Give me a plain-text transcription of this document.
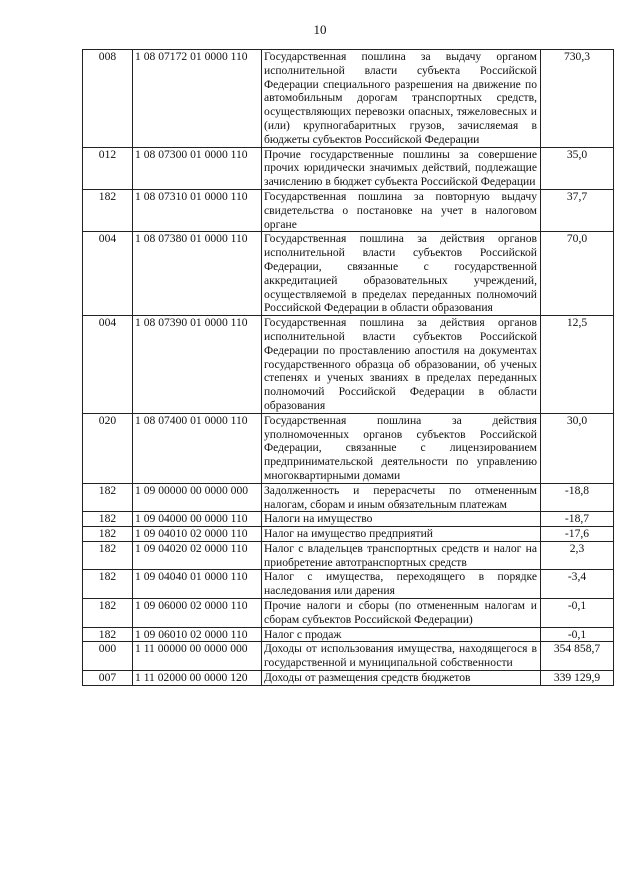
10
008	1 08 07172 01 0000 110	Государственная пошлина за выдачу органом исполнительной власти субъекта Российской Федерации специального разрешения на движение по автомобильным дорогам транспортных средств, осуществляющих перевозки опасных, тяжеловесных и (или) крупногабаритных грузов, зачисляемая в бюджеты субъектов Российской Федерации	730,3
012	1 08 07300 01 0000 110	Прочие государственные пошлины за совершение прочих юридически значимых действий, подлежащие зачислению в бюджет субъекта Российской Федерации	35,0
182	1 08 07310 01 0000 110	Государственная пошлина за повторную выдачу свидетельства о постановке на учет в налоговом органе	37,7
004	1 08 07380 01 0000 110	Государственная пошлина за действия органов исполнительной власти субъектов Российской Федерации, связанные с государственной аккредитацией образовательных учреждений, осуществляемой в пределах переданных полномочий Российской Федерации в области образования	70,0
004	1 08 07390 01 0000 110	Государственная пошлина за действия органов исполнительной власти субъектов Российской Федерации по проставлению апостиля на документах государственного образца об образовании, об ученых степенях и ученых званиях в пределах переданных полномочий Российской Федерации в области образования	12,5
020	1 08 07400 01 0000 110	Государственная пошлина за действия уполномоченных органов субъектов Российской Федерации, связанные с лицензированием предпринимательской деятельности по управлению многоквартирными домами	30,0
182	1 09 00000 00 0000 000	Задолженность и перерасчеты по отмененным налогам, сборам и иным обязательным платежам	-18,8
182	1 09 04000 00 0000 110	Налоги на имущество	-18,7
182	1 09 04010 02 0000 110	Налог на имущество предприятий	-17,6
182	1 09 04020 02 0000 110	Налог с владельцев транспортных средств и налог на приобретение автотранспортных средств	2,3
182	1 09 04040 01 0000 110	Налог с имущества, переходящего в порядке наследования или дарения	-3,4
182	1 09 06000 02 0000 110	Прочие налоги и сборы (по отмененным налогам и сборам субъектов Российской Федерации)	-0,1
182	1 09 06010 02 0000 110	Налог с продаж	-0,1
000	1 11 00000 00 0000 000	Доходы от использования имущества, находящегося в государственной и муниципальной собственности	354 858,7
007	1 11 02000 00 0000 120	Доходы от размещения средств бюджетов	339 129,9
